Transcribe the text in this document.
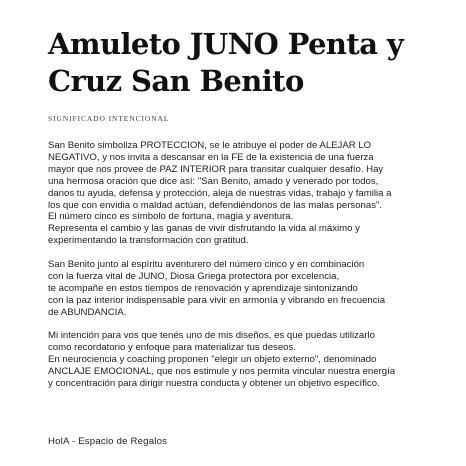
Amuleto JUNO Penta y
Cruz San Benito
SIGNIFICADO INTENCIONAL
San Benito simboliza PROTECCION, se le atribuye el poder de ALEJAR LO
NEGATIVO, y nos invita a descansar en la FE de la existencia de una fuerza
mayor que nos provee de PAZ INTERIOR para transitar cualquier desafío. Hay
una hermosa oración que dice así: "San Benito, amado y venerado por todos,
danos tu ayuda, defensa y protección, aleja de nuestras vidas, trabajo y familia a
los que con envidia o maldad actúan, defendiéndonos de las malas personas".
El número cinco es símbolo de fortuna, magia y aventura.
Representa el cambio y las ganas de vivir disfrutando la vida al máximo y
experimentando la transformación con gratitud.
San Benito junto al espíritu aventurero del número cinco y en combinación
con la fuerza vital de JUNO, Diosa Griega protectora por excelencia,
te acompañe en estos tiempos de renovación y aprendizaje sintonizando
con la paz interior indispensable para vivir en armonía y vibrando en frecuencia
de ABUNDANCIA.
Mi intención para vos que tenés uno de mis diseños, es que puedas utilizarlo
como recordatorio y enfoque para materializar tus deseos.
En neurociencia y coaching proponen "elegir un objeto externo", denominado
ANCLAJE EMOCIONAL, que nos estimule y nos permita vincular nuestra energía
y concentración para dirigir nuestra conducta y obtener un objetivo específico.
HolA - Espacio de Regalos
